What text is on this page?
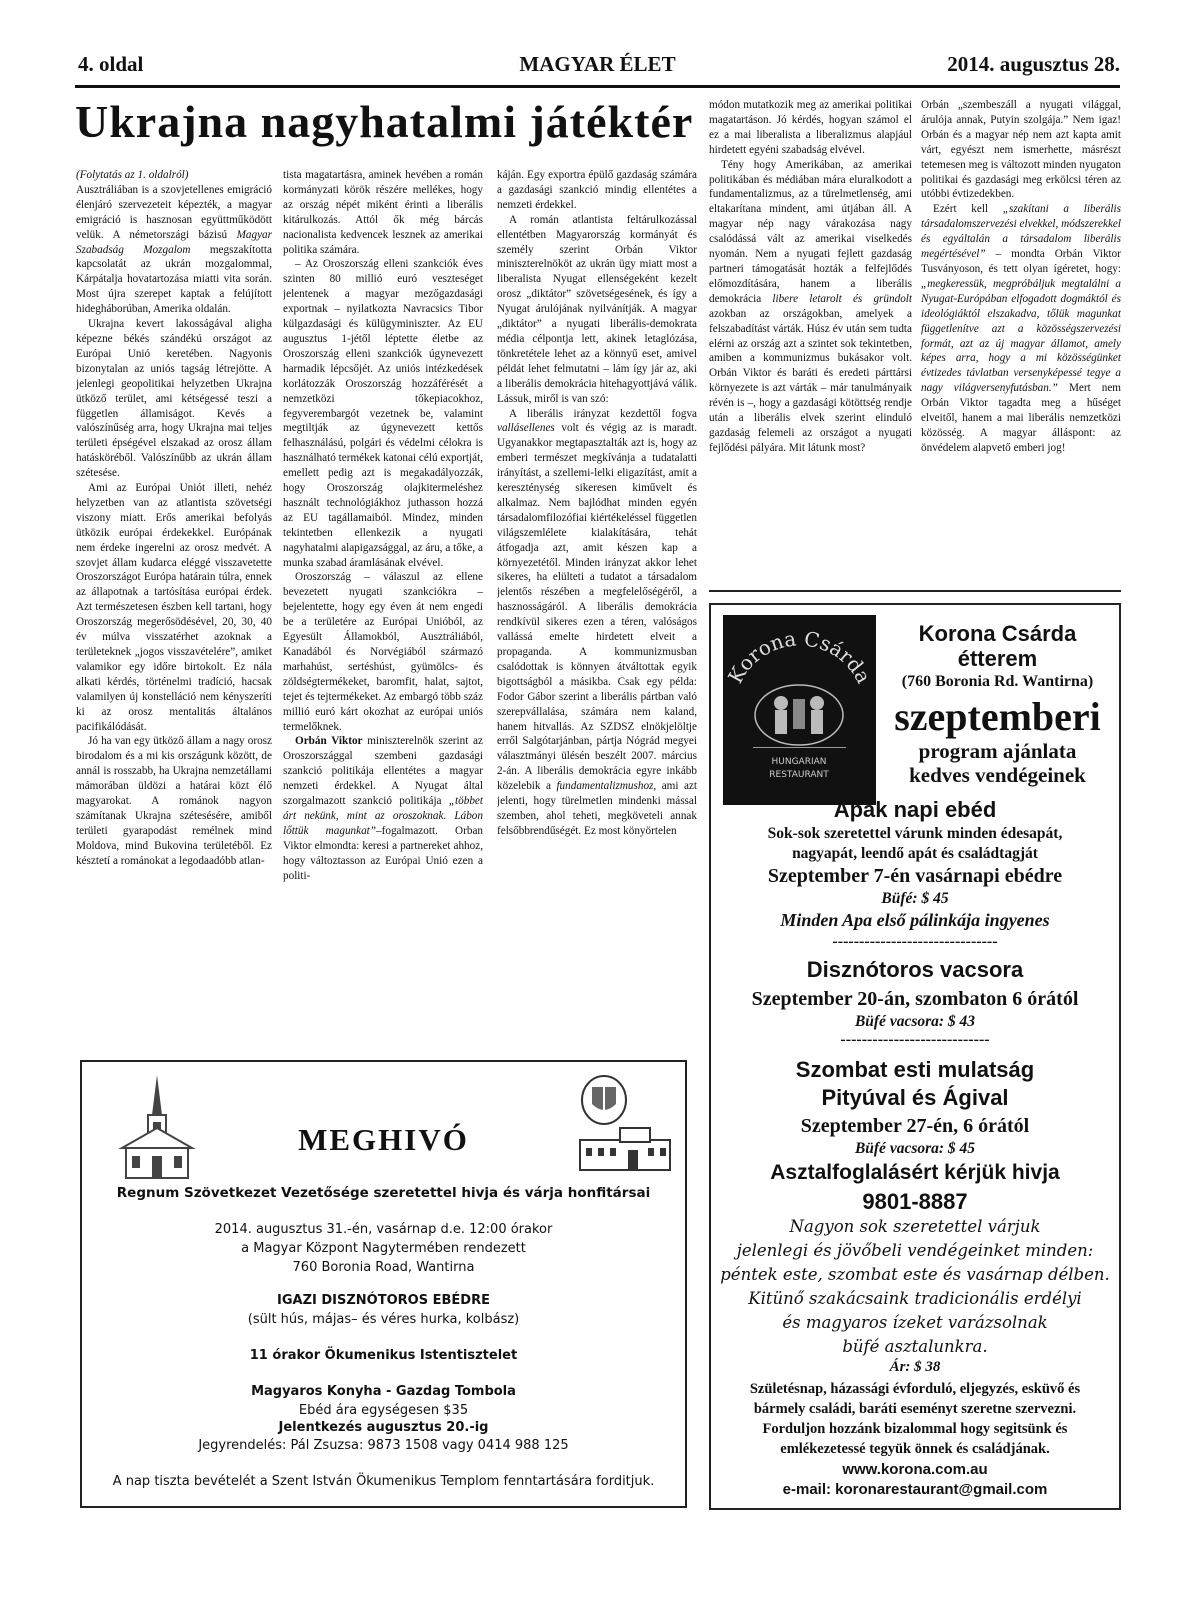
4. oldal	MAGYAR ÉLET	2014. augusztus 28.
Ukrajna nagyhatalmi játéktér

(Folytatás az 1. oldalról)

Ausztráliában is a szovjetellenes emigráció élenjáró szervezeteit képezték, a magyar emigráció is hasznosan együttműködött velük. A németországi bázisú Magyar Szabadság Mozgalom megszakította kapcsolatát az ukrán mozgalommal, Kárpátalja hovatartozása miatti vita során. Most újra szerepet kaptak a felújított hidegháborúban, Amerika oldalán.

Ukrajna kevert lakosságával aligha képezne békés szándékú országot az Európai Unió keretében. Nagyonis bizonytalan az uniós tagság létrejötte. A jelenlegi geopolitikai helyzetben Ukrajna ütköző terület, ami kétségessé teszi a független államiságot. Kevés a valószínűség arra, hogy Ukrajna mai teljes területi épségével elszakad az orosz állam hatásköréből. Valószínűbb az ukrán állam szétesése.

Ami az Európai Uniót illeti, nehéz helyzetben van az atlantista szövetségi viszony miatt. Erős amerikai befolyás ütközik európai érdekekkel. Európának nem érdeke ingerelni az orosz medvét. A szovjet állam kudarca eléggé visszavetette Oroszországot Európa határain túlra, ennek az állapotnak a tartósítása európai érdek. Azt természetesen észben kell tartani, hogy Oroszország megerősödésével, 20, 30, 40 év múlva visszatérhet azoknak a területeknek „jogos visszavételére”, amiket valamikor egy időre birtokolt. Ez nála alkati kérdés, történelmi tradíció, hacsak valamilyen új konstelláció nem kényszeríti ki az orosz mentalitás általános pacifikálódását.

Jó ha van egy ütköző állam a nagy orosz birodalom és a mi kis országunk között, de annál is rosszabb, ha Ukrajna nemzetállami mámorában üldözi a határai közt élő magyarokat. A románok nagyon számítanak Ukrajna szétesésére, amiből területi gyarapodást remélnek mind Moldova, mind Bukovina területéből. Ez késztetí a románokat a legodaadóbb atlan-

tista magatartásra, aminek hevében a román kormányzati körök részére mellékes, hogy az ország népét miként érinti a liberális kitárulkozás. Attól ők még bárcás nacionalista kedvencek lesznek az amerikai politika számára.

– Az Oroszország elleni szankciók éves szinten 80 millió euró veszteséget jelentenek a magyar mezőgazdasági exportnak – nyilatkozta Navracsics Tibor külgazdasági és külügyminiszter. Az EU augusztus 1-jétől léptette életbe az Oroszország elleni szankciók úgynevezett harmadik lépcsőjét. Az uniós intézkedések korlátozzák Oroszország hozzáférését a nemzetközi tőkepiacokhoz, fegyverembargót vezetnek be, valamint megtiltják az úgynevezett kettős felhasználású, polgári és védelmi célokra is használható termékek katonai célú exportját, emellett pedig azt is megakadályozzák, hogy Oroszország olajkitermeléshez használt technológiákhoz juthasson hozzá az EU tagállamaiból. Mindez, minden tekintetben ellenkezik a nyugati nagyhatalmi alapigazsággal, az áru, a tőke, a munka szabad áramlásának elvével.

Oroszország – válaszul az ellene bevezetett nyugati szankciókra – bejelentette, hogy egy éven át nem engedi be a területére az Európai Unióból, az Egyesült Államokból, Ausztráliából, Kanadából és Norvégiából származó marhahúst, sertéshúst, gyümölcs- és zöldségtermékeket, baromfit, halat, sajtot, tejet és tejtermékeket. Az embargó több száz millió euró kárt okozhat az európai uniós termelőknek.

Orbán Viktor miniszterelnök szerint az Oroszországgal szembeni gazdasági szankció politikája ellentétes a magyar nemzeti érdekkel. A Nyugat által szorgalmazott szankció politikája „többet árt nekünk, mint az oroszoknak. Lábon lőttük magunkat”–fogalmazott. Orban Viktor elmondta: keresi a partnereket ahhoz, hogy változtasson az Európai Unió ezen a politi-

káján. Egy exportra épülő gazdaság számára a gazdasági szankció mindig ellentétes a nemzeti érdekkel.

A román atlantista feltárulkozással ellentétben Magyarország kormányát és személy szerint Orbán Viktor miniszterelnököt az ukrán ügy miatt most a liberalista Nyugat ellenségeként kezelt orosz „diktátor” szövetségesének, és így a Nyugat árulójának nyilvánítják. A magyar „diktátor” a nyugati liberális-demokrata média célpontja lett, akinek letaglózása, tönkretétele lehet az a könnyű eset, amivel példát lehet felmutatni – lám így jár az, aki a liberális demokrácia hitehagyottjává válik. Lássuk, miről is van szó:

A liberális irányzat kezdettől fogva vallásellenes volt és végig az is maradt. Ugyanakkor megtapasztalták azt is, hogy az emberi természet megkívánja a tudatalatti irányítást, a szellemi-lelki eligazítást, amit a kereszténység sikeresen kiművelt és alkalmaz. Nem bajlódhat minden egyén társadalomfilozófiai kiértékeléssel független világszemlélete kialakítására, tehát átfogadja azt, amit készen kap a környezetétől. Minden irányzat akkor lehet sikeres, ha elülteti a tudatot a társadalom jelentős részében a megfelelőségéről, a hasznosságáról. A liberális demokrácia rendkívül sikeres ezen a téren, valóságos vallássá emelte hirdetett elveit a propaganda. A kommunizmusban csalódottak is könnyen átváltottak egyik bigottságból a másikba. Csak egy példa: Fodor Gábor szerint a liberális pártban való szerepvállalása, számára nem kaland, hanem hitvallás. Az SZDSZ elnökjelöltje erről Salgótarjánban, pártja Nógrád megyei választmányi ülésén beszélt 2007. március 2-án. A liberális demokrácia egyre inkább közelebik a fundamentalizmushoz, ami azt jelenti, hogy türelmetlen mindenki mással szemben, ahol teheti, megköveteli annak felsőbbrendűségét. Ez most könyörtelen

módon mutatkozik meg az amerikai politikai magatartáson. Jó kérdés, hogyan számol el ez a mai liberalista a liberalizmus alapjául hirdetett egyéni szabadság elvével.

Tény hogy Amerikában, az amerikai politikában és médiában mára eluralkodott a fundamentalizmus, az a türelmetlenség, ami eltakarítana mindent, ami útjában áll. A magyar nép nagy várakozása nagy csalódássá vált az amerikai viselkedés nyomán. Nem a nyugati fejlett gazdaság partneri támogatását hozták a felfejlődés előmozdítására, hanem a liberális demokrácia libere letarolt és gründolt azokban az országokban, amelyek a felszabadítást várták. Húsz év után sem tudta elérni az ország azt a szintet sok tekintetben, amiben a kommunizmus bukásakor volt. Orbán Viktor és baráti és eredeti párttársi környezete is azt várták – már tanulmányaik révén is –, hogy a gazdasági kötöttség rendje után a liberális elvek szerint elinduló gazdaság felemeli az országot a nyugati fejlődési pályára. Mit látunk most?

Orbán „szembeszáll a nyugati világgal, árulója annak, Putyin szolgája.” Nem igaz! Orbán és a magyar nép nem azt kapta amit várt, egyészt nem ismerhette, másrészt tetemesen meg is változott minden nyugaton politikai és gazdasági meg erkölcsi téren az utóbbi évtizedekben.

Ezért kell „szakítani a liberális társadalomszervezési elvekkel, módszerekkel és egyáltalán a társadalom liberális megértésével” – mondta Orbán Viktor Tusványoson, és tett olyan ígéretet, hogy: „megkeressük, megpróbáljuk megtalálni a Nyugat-Európában elfogadott dogmáktól és ideológiáktól elszakadva, tőlük magunkat függetlenítve azt a közösségszervezési formát, azt az új magyar államot, amely képes arra, hogy a mi közösségünket évtizedes távlatban versenyképessé tegye a nagy világversenyfutásban.” Mert nem Orbán Viktor tagadta meg a hűséget elveitől, hanem a mai liberális nemzetközi közösség. A magyar álláspont: az önvédelem alapvető emberi jog!

MEGHIVÓ
Regnum Szövetkezet Vezetősége szeretettel hivja és várja honfitársai
2014. augusztus 31.-én, vasárnap d.e. 12:00 órakor
a Magyar Központ Nagytermében rendezett
760 Boronia Road, Wantirna
IGAZI DISZNÓTOROS EBÉDRE
(sült hús, májas– és véres hurka, kolbász)
11 órakor Ökumenikus Istentisztelet
Magyaros Konyha - Gazdag Tombola
Ebéd ára egységesen $35
Jelentkezés augusztus 20.-ig
Jegyrendelés: Pál Zsuzsa: 9873 1508 vagy 0414 988 125
A nap tiszta bevételét a Szent István Ökumenikus Templom fenntartására forditjuk.
Korona Csárda
HUNGARIAN
RESTAURANT
Korona Csárda
étterem
(760 Boronia Rd. Wantirna)
szeptemberi
program ajánlata
kedves vendégeinek
Apák napi ebéd
Sok-sok szeretettel várunk minden édesapát,
nagyapát, leendő apát és családtagját
Szeptember 7-én vasárnapi ebédre
Büfé: $ 45
Minden Apa első pálinkája ingyenes
-------------------------------
Disznótoros vacsora
Szeptember 20-án, szombaton 6 órától
Büfé vacsora: $ 43
----------------------------
Szombat esti mulatság
Pityúval és Ágival
Szeptember 27-én, 6 órától
Büfé vacsora: $ 45
Asztalfoglalásért kérjük hivja
9801-8887
Nagyon sok szeretettel várjuk
jelenlegi és jövőbeli vendégeinket minden:
péntek este, szombat este és vasárnap délben.
Kitünő szakácsaink tradicionális erdélyi
és magyaros ízeket varázsolnak
büfé asztalunkra.
Ár: $ 38
Születésnap, házassági évforduló, eljegyzés, esküvő és
bármely családi, baráti eseményt szeretne szervezni.
Forduljon hozzánk bizalommal hogy segitsünk és
emlékezetessé tegyük önnek és családjának.
www.korona.com.au
e-mail: koronarestaurant@gmail.com
